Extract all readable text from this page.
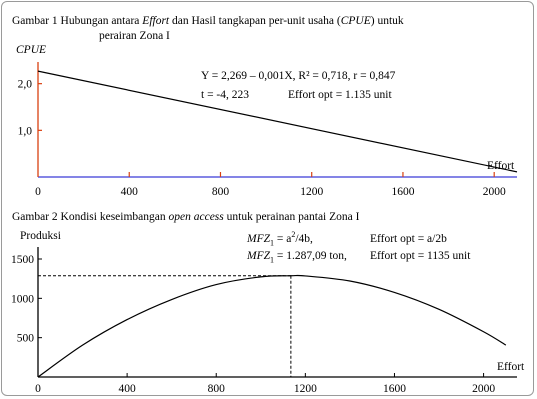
Gambar 1 Hubungan antara Effort dan Hasil tangkapan per-unit usaha (CPUE) untuk
perairan Zona I
Y = 2,269 – 0,001X, R² = 0,718, r = 0,847
t = -4, 223	Effort opt = 1.135 unit
Gambar 2 Kondisi keseimbangan open access untuk perainan pantai Zona I
$MFZ_1 = a^2/4b$,	Effort opt = a/2b
$MFZ_1 = 1.287,09$ ton, Effort opt = 1135 unit
0	400	800	1200	1600	2000
1,0
2,0
CPUE
Effort
0	400	800	1200	1600	2000
500
1000
1500
Produksi
Effort
